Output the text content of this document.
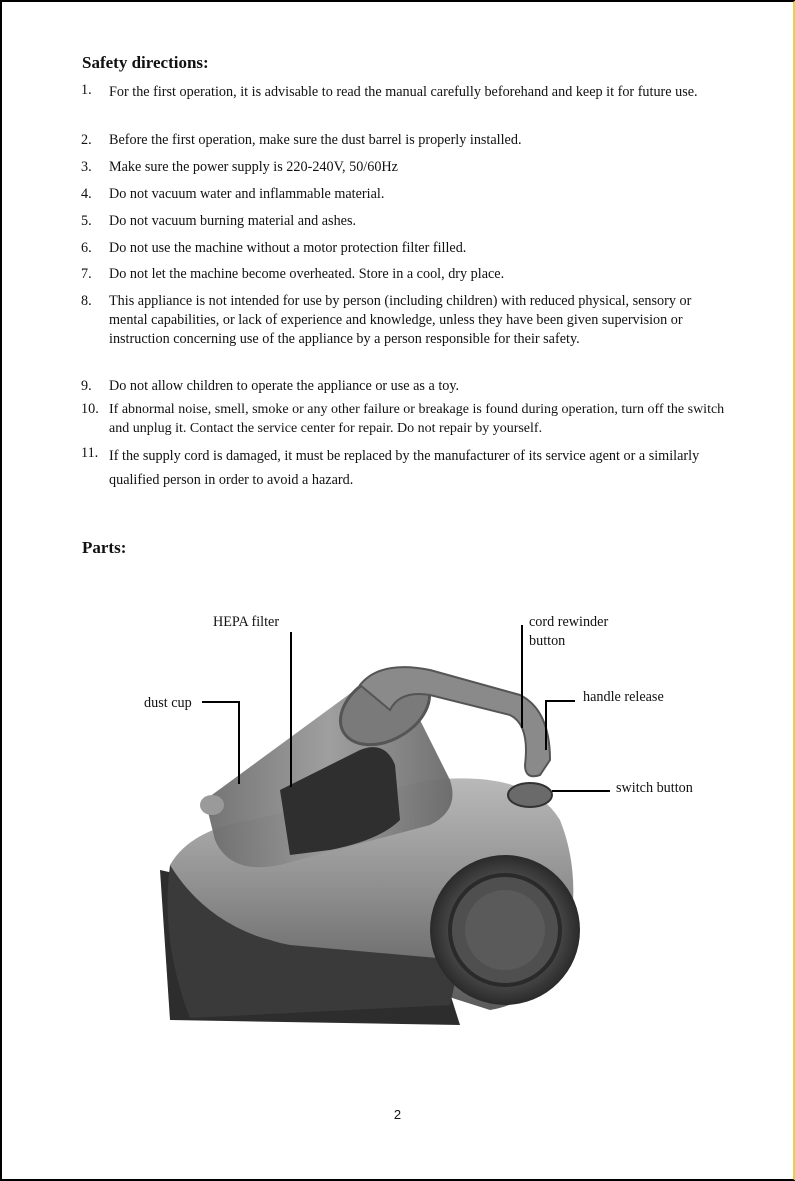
Safety directions:
1. For the first operation, it is advisable to read the manual carefully beforehand and keep it for future use.
2. Before the first operation, make sure the dust barrel is properly installed.
3. Make sure the power supply is 220-240V, 50/60Hz
4. Do not vacuum water and inflammable material.
5. Do not vacuum burning material and ashes.
6. Do not use the machine without a motor protection filter filled.
7. Do not let the machine become overheated. Store in a cool, dry place.
8. This appliance is not intended for use by person (including children) with reduced physical, sensory or mental capabilities, or lack of experience and knowledge, unless they have been given supervision or instruction concerning use of the appliance by a person responsible for their safety.
9. Do not allow children to operate the appliance or use as a toy.
10. If abnormal noise, smell, smoke or any other failure or breakage is found during operation, turn off the switch and unplug it. Contact the service center for repair. Do not repair by yourself.
11. If the supply cord is damaged, it must be replaced by the manufacturer of its service agent or a similarly qualified person in order to avoid a hazard.
Parts:
HEPA filter	cord rewinder
button
dust cup	handle release
switch button
2
